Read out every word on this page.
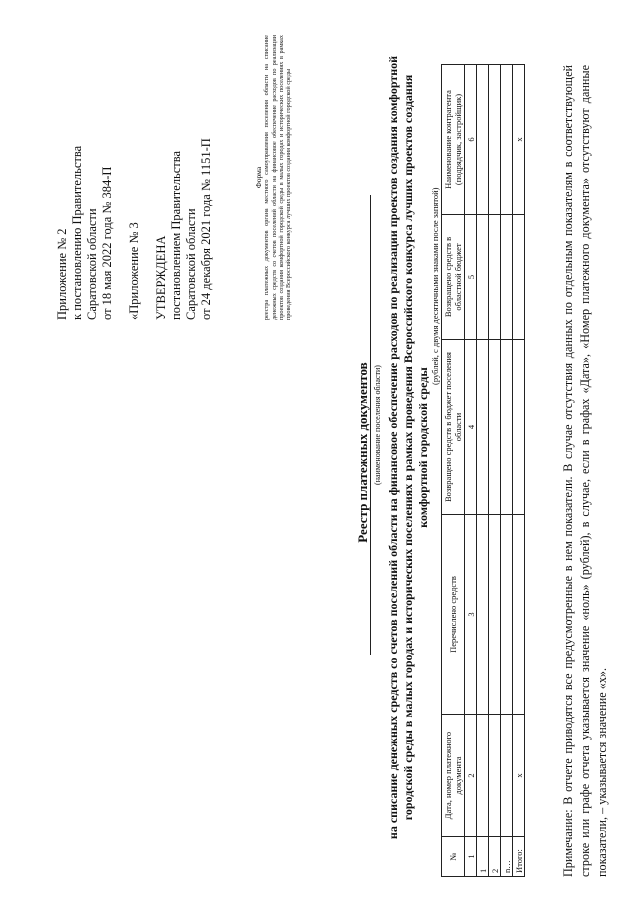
Приложение № 2 к постановлению Правительства Саратовской области от 18 мая 2022 года № 384-П «Приложение № 3 УТВЕРЖДЕНА постановлением Правительства Саратовской области от 24 декабря 2021 года № 1151-П	Форма реестра платежных документов органа местного самоуправления поселения области на списание денежных средств со счетов поселений области на финансовое обеспечение расходов по реализации проектов создания комфортной городской среды в малых городах и исторических поселениях в рамках проведения Всероссийского конкурса лучших проектов создания комфортной городской среды
Реестр платежных документов (наименование поселения области) на списание денежных средств со счетов поселений области на финансовое обеспечение расходов по реализации проектов создания комфортной городской среды в малых городах и исторических поселениях в рамках проведения Всероссийского конкурса лучших проектов создания комфортной городской среды
(рублей, с двумя десятичными знаками после запятой)
№	Дата, номер платежного документа	Перечислено средств	Возвращено средств в бюджет поселения области	Возвращено средств в областной бюджет	Наименование контрагента (подрядчик, застройщик)
1	2	3	4	5	6
1					
2					
n…					
Итого:	x				x	Примечание: В отчете приводятся все предусмотренные в нем показатели. В случае отсутствия данных по отдельным показателям в соответствующей строке или графе отчета указывается значение «ноль» (рублей), в случае, если в графах «Дата», «Номер платежного документа» отсутствуют данные показатели, – указывается значение «x».
